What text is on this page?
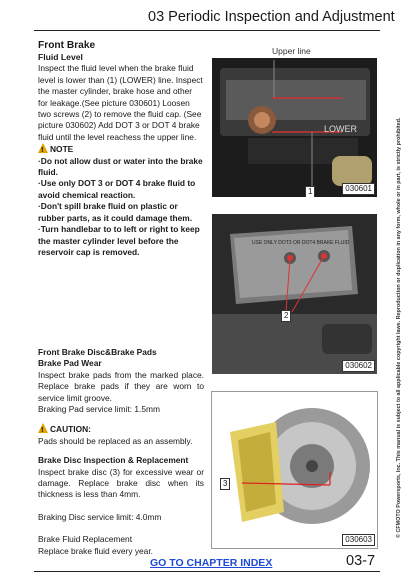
03 Periodic Inspection and Adjustment
© CFMOTO Powersports, Inc. This manual is subject to all applicable copyright laws. Reproduction or duplication in any form, whole or in part, is strictly prohibited.

Front Brake

Fluid Level

Inspect the fluid level when the brake fluid level is lower than (1) (LOWER) line. Inspect the master cylinder, brake hose and other for leakage.(See picture 030601) Loosen two screws (2) to remove the fluid cap. (See picture 030602) Add DOT 3 or DOT 4 brake fluid until the level reachess the upper line.

!NOTE

·Do not allow dust or water into the brake fluid.

·Use only DOT 3 or DOT 4 brake fluid to avoid chemical reaction.

·Don't spill brake fluid on plastic or rubber parts, as it could damage them.

·Turn handlebar to to left or right to keep the master cylinder level before the reservoir cap is removed.

Front Brake Disc&Brake Pads

Brake Pad Wear

Inspect brake pads from the marked place. Replace brake pads if they are worn to service limit groove.

Braking Pad service limit: 1.5mm

!CAUTION:

Pads should be replaced as an assembly.

Brake Disc Inspection & Replacement

Inspect brake disc (3) for excessive wear or damage. Replace brake disc when its thickness is less than 4mm.

Braking Disc service limit: 4.0mm

Brake Fluid Replacement

Replace brake fluid every year.

Upper line
LOWER
1	030601
USE ONLY DOT3 OR DOT4 BRAKE FLUID
2
030602
3
030603
GO TO CHAPTER INDEX	03-7
